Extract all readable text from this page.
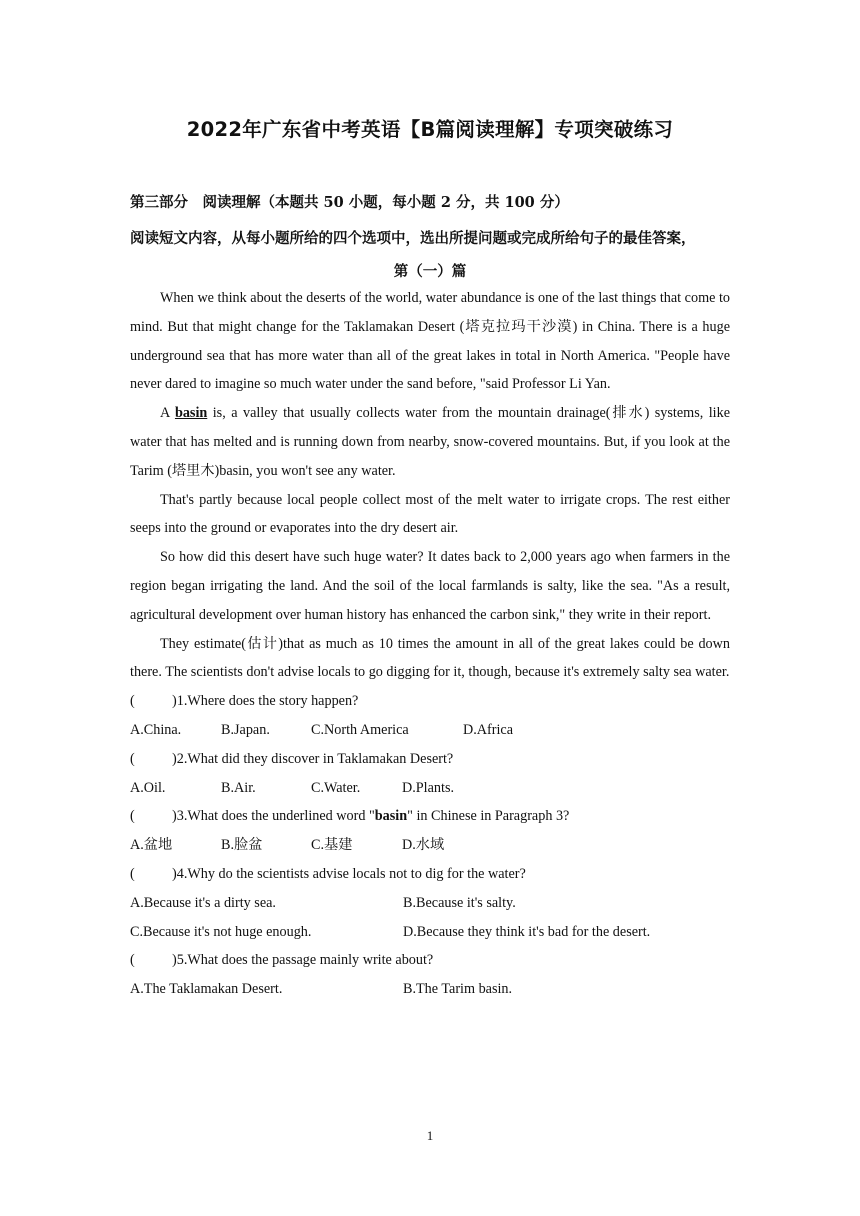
2022年广东省中考英语【B篇阅读理解】专项突破练习
第三部分　阅读理解（本题共 50 小题，每小题 2 分，共 100 分）
阅读短文内容，从每小题所给的四个选项中，选出所提问题或完成所给句子的最佳答案，
第（一）篇

When we think about the deserts of the world, water abundance is one of the last things that come to mind. But that might change for the Taklamakan Desert (塔克拉玛干沙漠) in China. There is a huge underground sea that has more water than all of the great lakes in total in North America. "People have never dared to imagine so much water under the sand before, "said Professor Li Yan.

A basin is, a valley that usually collects water from the mountain drainage(排水) systems, like water that has melted and is running down from nearby, snow-covered mountains. But, if you look at the Tarim (塔里木)basin, you won't see any water.

That's partly because local people collect most of the melt water to irrigate crops. The rest either seeps into the ground or evaporates into the dry desert air.

So how did this desert have such huge water? It dates back to 2,000 years ago when farmers in the region began irrigating the land. And the soil of the local farmlands is salty, like the sea. "As a result, agricultural development over human history has enhanced the carbon sink," they write in their report.

They estimate(估计)that as much as 10 times the amount in all of the great lakes could be down there. The scientists don't advise locals to go digging for it, though, because it's extremely salty sea water.

(	)1.Where does the story happen?

A.China.	B.Japan.	C.North America	D.Africa

(	)2.What did they discover in Taklamakan Desert?

A.Oil.	B.Air.	C.Water.	D.Plants.

(	)3.What does the underlined word "basin" in Chinese in Paragraph 3?

A.盆地	B.脸盆	C.基建	D.水域

(	)4.Why do the scientists advise locals not to dig for the water?

A.Because it's a dirty sea.	B.Because it's salty.

C.Because it's not huge enough.	D.Because they think it's bad for the desert.

(	)5.What does the passage mainly write about?

A.The Taklamakan Desert.	B.The Tarim basin.

1
